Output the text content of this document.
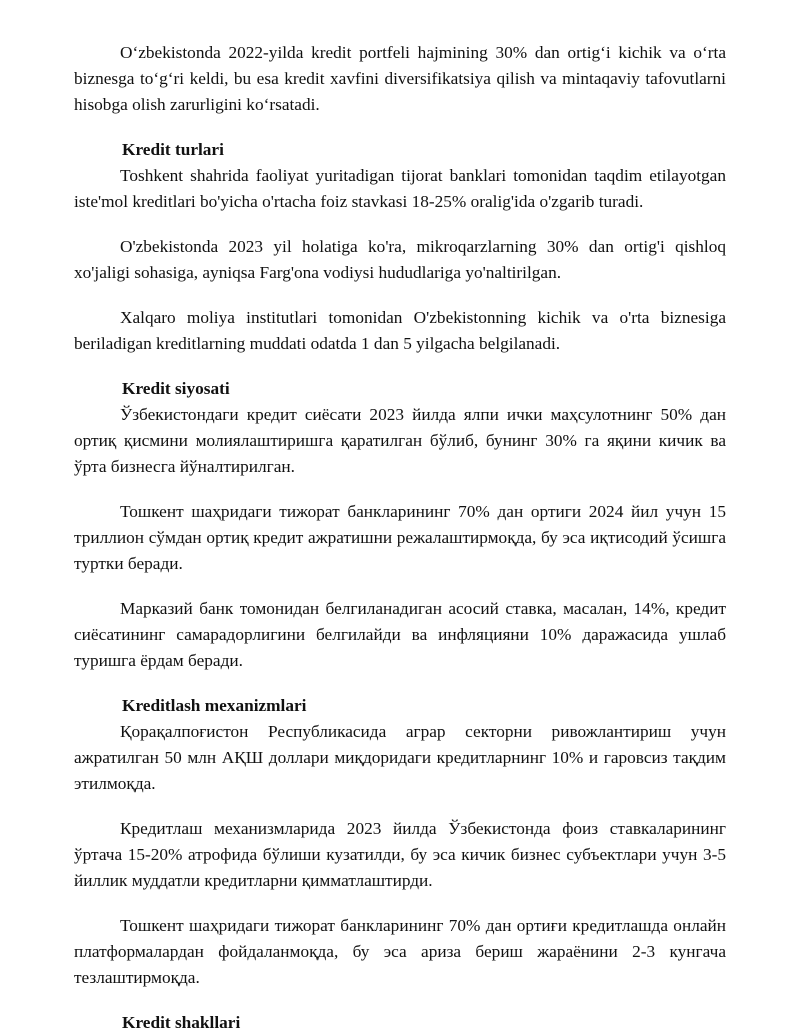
O‘zbekistonda 2022-yilda kredit portfeli hajmining 30% dan ortig‘i kichik va o‘rta biznesga to‘g‘ri keldi, bu esa kredit xavfini diversifikatsiya qilish va mintaqaviy tafovutlarni hisobga olish zarurligini ko‘rsatadi.

Kredit turlari

Toshkent shahrida faoliyat yuritadigan tijorat banklari tomonidan taqdim etilayotgan iste'mol kreditlari bo'yicha o'rtacha foiz stavkasi 18-25% oralig'ida o'zgarib turadi.

O'zbekistonda 2023 yil holatiga ko'ra, mikroqarzlarning 30% dan ortig'i qishloq xo'jaligi sohasiga, ayniqsa Farg'ona vodiysi hududlariga yo'naltirilgan.

Xalqaro moliya institutlari tomonidan O'zbekistonning kichik va o'rta biznesiga beriladigan kreditlarning muddati odatda 1 dan 5 yilgacha belgilanadi.

Kredit siyosati

Ўзбекистондаги кредит сиёсати 2023 йилда ялпи ички маҳсулотнинг 50% дан ортиқ қисмини молиялаштиришга қаратилган бўлиб, бунинг 30% га яқини кичик ва ўрта бизнесга йўналтирилган.

Тошкент шаҳридаги тижорат банкларининг 70% дан ортиги 2024 йил учун 15 триллион сўмдан ортиқ кредит ажратишни режалаштирмоқда, бу эса иқтисодий ўсишга туртки беради.

Марказий банк томонидан белгиланадиган асосий ставка, масалан, 14%, кредит сиёсатининг самарадорлигини белгилайди ва инфляцияни 10% даражасида ушлаб туришга ёрдам беради.

Kreditlash mexanizmlari

Қорақалпоғистон Республикасида аграр секторни ривожлантириш учун ажратилган 50 млн АҚШ доллари миқдоридаги кредитларнинг 10% и гаровсиз тақдим этилмоқда.

Кредитлаш механизмларида 2023 йилда Ўзбекистонда фоиз ставкаларининг ўртача 15-20% атрофида бўлиши кузатилди, бу эса кичик бизнес субъектлари учун 3-5 йиллик муддатли кредитларни қимматлаштирди.

Тошкент шаҳридаги тижорат банкларининг 70% дан ортиғи кредитлашда онлайн платформалардан фойдаланмоқда, бу эса ариза бериш жараёнини 2-3 кунгача тезлаштирмоқда.

Kredit shakllari
